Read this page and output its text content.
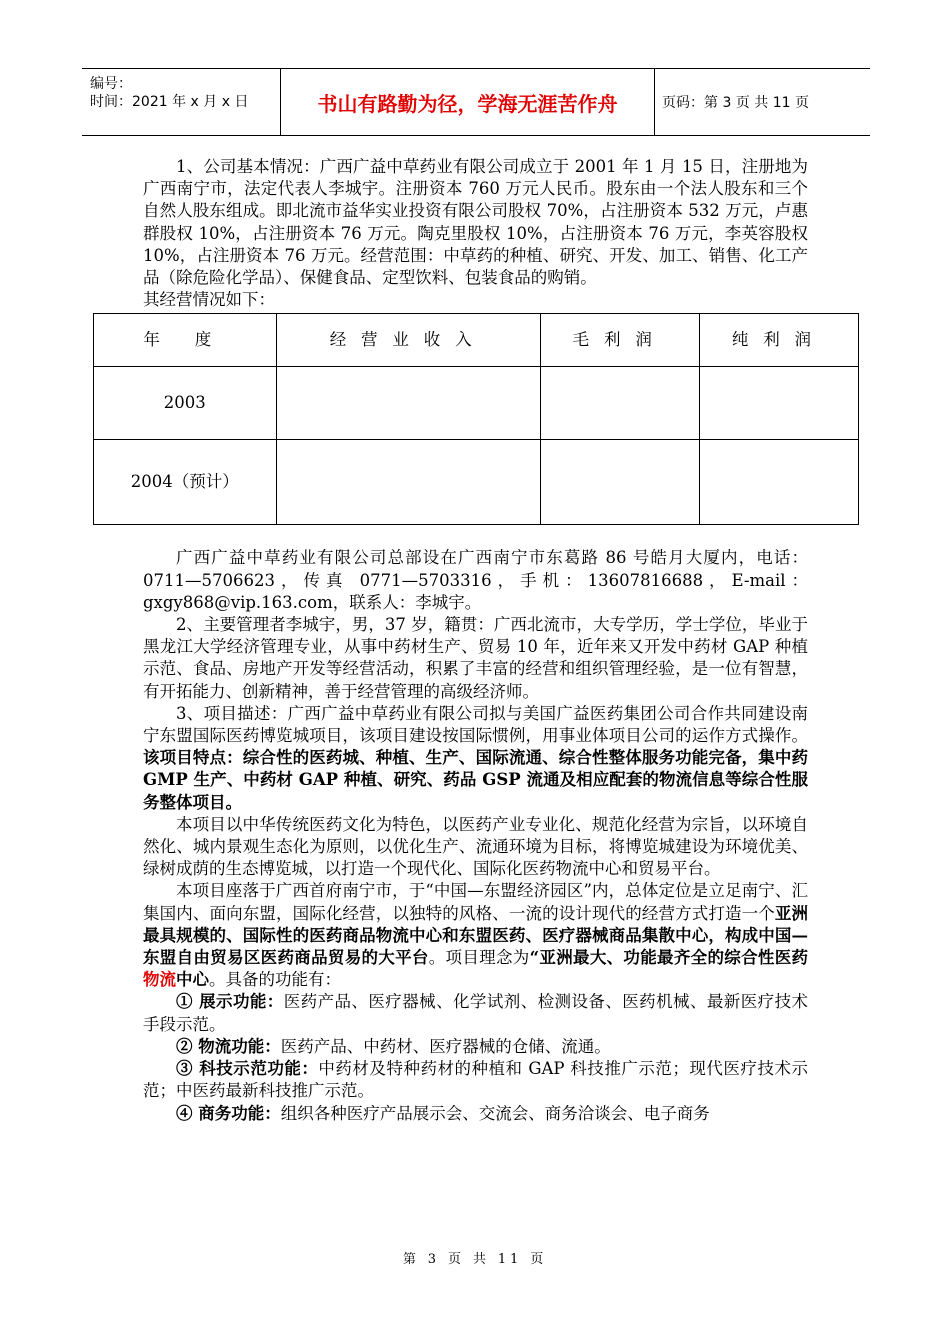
编号：
时间：2021 年 x 月 x 日	书山有路勤为径，学海无涯苦作舟	页码：第 3 页 共 11 页

1、公司基本情况：广西广益中草药业有限公司成立于 2001 年 1 月 15 日，注册地为广西南宁市，法定代表人李城宇。注册资本 760 万元人民币。股东由一个法人股东和三个自然人股东组成。即北流市益华实业投资有限公司股权 70%，占注册资本 532 万元，卢惠群股权 10%，占注册资本 76 万元。陶克里股权 10%，占注册资本 76 万元，李英容股权 10%，占注册资本 76 万元。经营范围：中草药的种植、研究、开发、加工、销售、化工产品（除危险化学品）、保健食品、定型饮料、包装食品的购销。

其经营情况如下：

年 度	经营业收入	毛利润	纯利润
2003			
2004（预计）			

广西广益中草药业有限公司总部设在广西南宁市东葛路 86 号皓月大厦内，电话：0711—5706623，传真 0771—5703316，手机：13607816688，E-mail：gxgy868@vip.163.com，联系人：李城宇。

2、主要管理者李城宇，男，37 岁，籍贯：广西北流市，大专学历，学士学位，毕业于黑龙江大学经济管理专业，从事中药材生产、贸易 10 年，近年来又开发中药材 GAP 种植示范、食品、房地产开发等经营活动，积累了丰富的经营和组织管理经验，是一位有智慧，有开拓能力、创新精神，善于经营管理的高级经济师。

3、项目描述：广西广益中草药业有限公司拟与美国广益医药集团公司合作共同建设南宁东盟国际医药博览城项目，该项目建设按国际惯例，用事业体项目公司的运作方式操作。该项目特点：综合性的医药城、种植、生产、国际流通、综合性整体服务功能完备，集中药 GMP 生产、中药材 GAP 种植、研究、药品 GSP 流通及相应配套的物流信息等综合性服务整体项目。

本项目以中华传统医药文化为特色，以医药产业专业化、规范化经营为宗旨，以环境自然化、城内景观生态化为原则，以优化生产、流通环境为目标，将博览城建设为环境优美、绿树成荫的生态博览城，以打造一个现代化、国际化医药物流中心和贸易平台。

本项目座落于广西首府南宁市，于“中国—东盟经济园区”内，总体定位是立足南宁、汇集国内、面向东盟，国际化经营，以独特的风格、一流的设计现代的经营方式打造一个亚洲最具规模的、国际性的医药商品物流中心和东盟医药、医疗器械商品集散中心，构成中国—东盟自由贸易区医药商品贸易的大平台。项目理念为“亚洲最大、功能最齐全的综合性医药物流中心。具备的功能有：

① 展示功能：医药产品、医疗器械、化学试剂、检测设备、医药机械、最新医疗技术手段示范。

② 物流功能：医药产品、中药材、医疗器械的仓储、流通。

③ 科技示范功能：中药材及特种药材的种植和 GAP 科技推广示范；现代医疗技术示范；中医药最新科技推广示范。

④ 商务功能：组织各种医疗产品展示会、交流会、商务洽谈会、电子商务

第 3 页 共 11 页
